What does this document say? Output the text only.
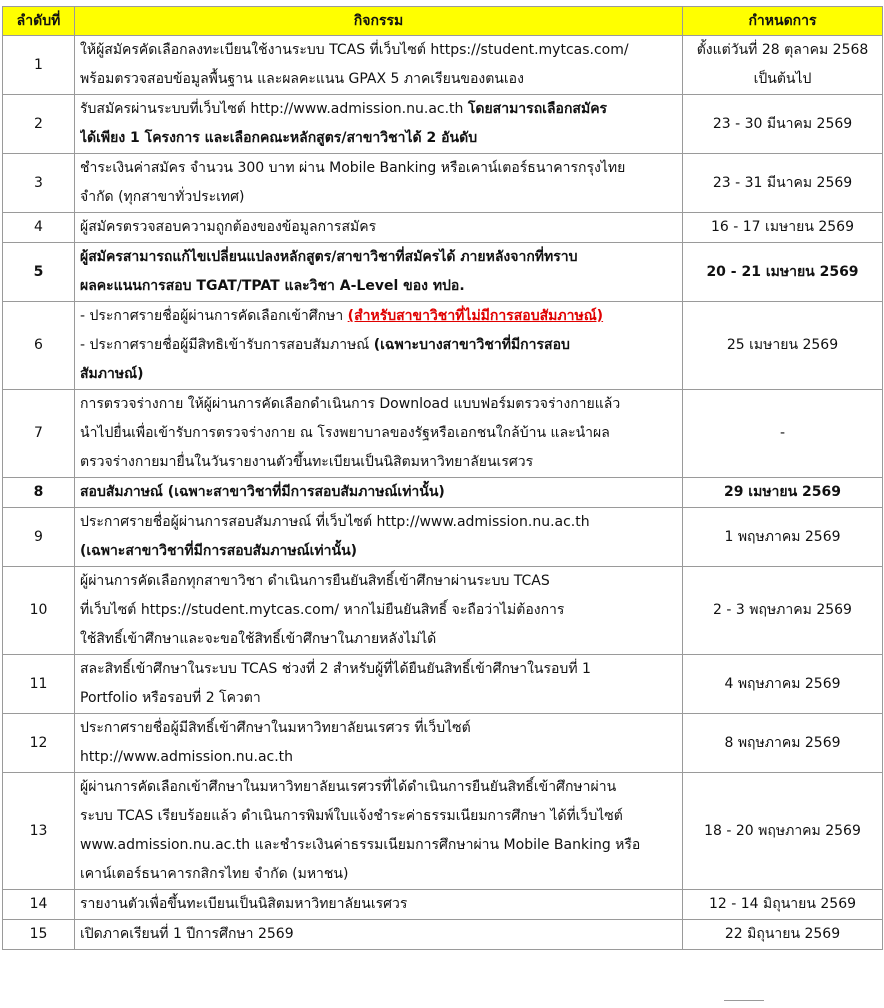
ลำดับที่	กิจกรรม	กำหนดการ
1	ให้ผู้สมัครคัดเลือกลงทะเบียนใช้งานระบบ TCAS ที่เว็บไซต์ https://student.mytcas.com/
พร้อมตรวจสอบข้อมูลพื้นฐาน และผลคะแนน GPAX 5 ภาคเรียนของตนเอง	ตั้งแต่วันที่ 28 ตุลาคม 2568
เป็นต้นไป

2	รับสมัครผ่านระบบที่เว็บไซต์ http://www.admission.nu.ac.th โดยสามารถเลือกสมัคร
ได้เพียง 1 โครงการ และเลือกคณะหลักสูตร/สาขาวิชาได้ 2 อันดับ	23 - 30 มีนาคม 2569

3	ชำระเงินค่าสมัคร จำนวน 300 บาท ผ่าน Mobile Banking หรือเคาน์เตอร์ธนาคารกรุงไทย
จำกัด (ทุกสาขาทั่วประเทศ)	23 - 31 มีนาคม 2569

4	ผู้สมัครตรวจสอบความถูกต้องของข้อมูลการสมัคร	16 - 17 เมษายน 2569

5	ผู้สมัครสามารถแก้ไขเปลี่ยนแปลงหลักสูตร/สาขาวิชาที่สมัครได้ ภายหลังจากที่ทราบ
ผลคะแนนการสอบ TGAT/TPAT และวิชา A-Level ของ ทปอ.	20 - 21 เมษายน 2569

6	- ประกาศรายชื่อผู้ผ่านการคัดเลือกเข้าศึกษา (สำหรับสาขาวิชาที่ไม่มีการสอบสัมภาษณ์)
- ประกาศรายชื่อผู้มีสิทธิเข้ารับการสอบสัมภาษณ์ (เฉพาะบางสาขาวิชาที่มีการสอบ
สัมภาษณ์)	25 เมษายน 2569

7	การตรวจร่างกาย ให้ผู้ผ่านการคัดเลือกดำเนินการ Download แบบฟอร์มตรวจร่างกายแล้ว
นำไปยื่นเพื่อเข้ารับการตรวจร่างกาย ณ โรงพยาบาลของรัฐหรือเอกชนใกล้บ้าน และนำผล
ตรวจร่างกายมายื่นในวันรายงานตัวขึ้นทะเบียนเป็นนิสิตมหาวิทยาลัยนเรศวร	-

8	สอบสัมภาษณ์ (เฉพาะสาขาวิชาที่มีการสอบสัมภาษณ์เท่านั้น)	29 เมษายน 2569

9	ประกาศรายชื่อผู้ผ่านการสอบสัมภาษณ์ ที่เว็บไซต์ http://www.admission.nu.ac.th
(เฉพาะสาขาวิชาที่มีการสอบสัมภาษณ์เท่านั้น)	1 พฤษภาคม 2569

10	ผู้ผ่านการคัดเลือกทุกสาขาวิชา ดำเนินการยืนยันสิทธิ์เข้าศึกษาผ่านระบบ TCAS
ที่เว็บไซต์ https://student.mytcas.com/ หากไม่ยืนยันสิทธิ์ จะถือว่าไม่ต้องการ
ใช้สิทธิ์เข้าศึกษาและจะขอใช้สิทธิ์เข้าศึกษาในภายหลังไม่ได้	2 - 3 พฤษภาคม 2569

11	สละสิทธิ์เข้าศึกษาในระบบ TCAS ช่วงที่ 2 สำหรับผู้ที่ได้ยืนยันสิทธิ์เข้าศึกษาในรอบที่ 1
Portfolio หรือรอบที่ 2 โควตา	4 พฤษภาคม 2569

12	ประกาศรายชื่อผู้มีสิทธิ์เข้าศึกษาในมหาวิทยาลัยนเรศวร ที่เว็บไซต์
http://www.admission.nu.ac.th	8 พฤษภาคม 2569

13	ผู้ผ่านการคัดเลือกเข้าศึกษาในมหาวิทยาลัยนเรศวรที่ได้ดำเนินการยืนยันสิทธิ์เข้าศึกษาผ่าน
ระบบ TCAS เรียบร้อยแล้ว ดำเนินการพิมพ์ใบแจ้งชำระค่าธรรมเนียมการศึกษา ได้ที่เว็บไซต์
www.admission.nu.ac.th และชำระเงินค่าธรรมเนียมการศึกษาผ่าน Mobile Banking หรือ
เคาน์เตอร์ธนาคารกสิกรไทย จำกัด (มหาชน)	18 - 20 พฤษภาคม 2569

14	รายงานตัวเพื่อขึ้นทะเบียนเป็นนิสิตมหาวิทยาลัยนเรศวร	12 - 14 มิถุนายน 2569

15	เปิดภาคเรียนที่ 1 ปีการศึกษา 2569	22 มิถุนายน 2569
